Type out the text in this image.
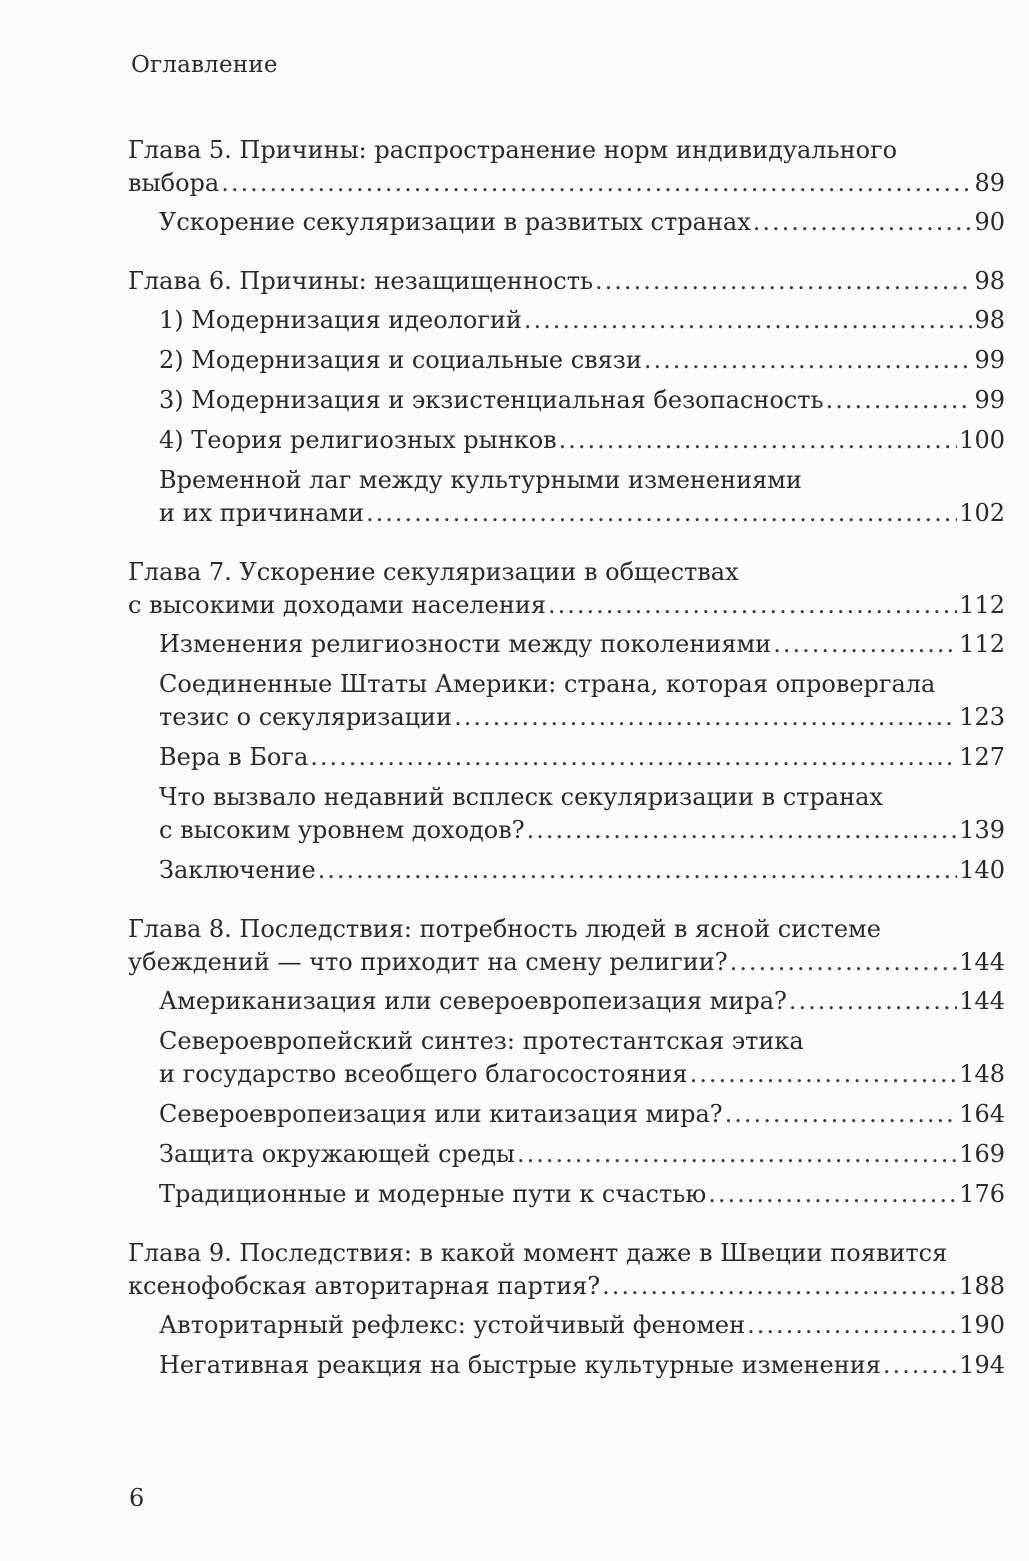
Оглавление
Глава 5. Причины: распространение норм индивидуального
выбора .....	89
Ускорение секуляризации в развитых странах .....	90
Глава 6. Причины: незащищенность .....	98
1) Модернизация идеологий .....	98
2) Модернизация и социальные связи .....	99
3) Модернизация и экзистенциальная безопасность .....	99
4) Теория религиозных рынков .....	100
Временной лаг между культурными изменениями
и их причинами .....	102
Глава 7. Ускорение секуляризации в обществах
с высокими доходами населения .....	112
Изменения религиозности между поколениями .....	112
Соединенные Штаты Америки: страна, которая опровергала
тезис о секуляризации .....	123
Вера в Бога .....	127
Что вызвало недавний всплеск секуляризации в странах
с высоким уровнем доходов? .....	139
Заключение .....	140
Глава 8. Последствия: потребность людей в ясной системе
убеждений — что приходит на смену религии? .....	144
Американизация или североевропеизация мира? .....	144
Североевропейский синтез: протестантская этика
и государство всеобщего благосостояния .....	148
Североевропеизация или китаизация мира? .....	164
Защита окружающей среды .....	169
Традиционные и модерные пути к счастью .....	176
Глава 9. Последствия: в какой момент даже в Швеции появится
ксенофобская авторитарная партия? .....	188
Авторитарный рефлекс: устойчивый феномен .....	190
Негативная реакция на быстрые культурные изменения .....	194
6
